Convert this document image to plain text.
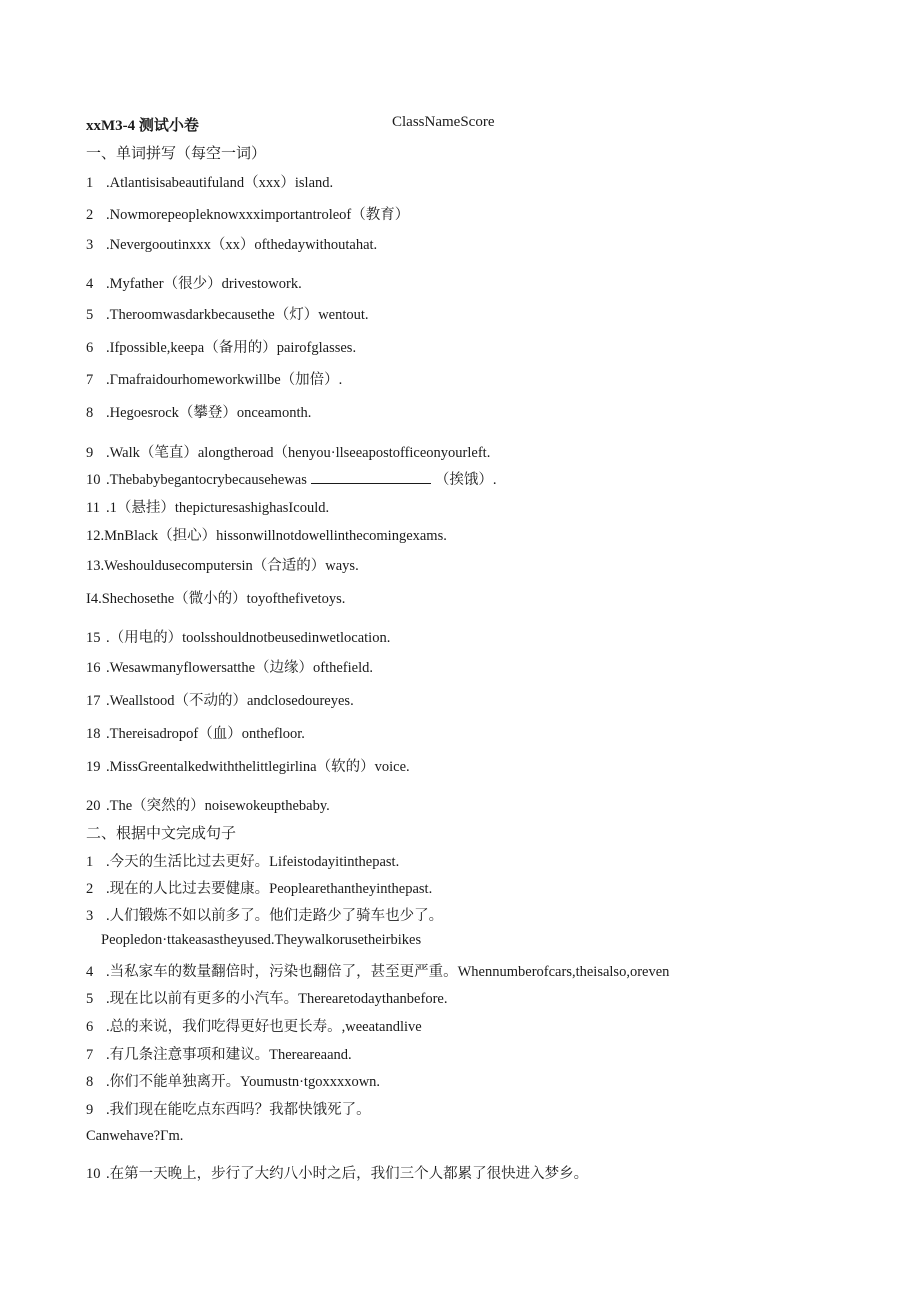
xxM3-4 测试小卷	ClassNameScore
一、单词拼写（每空一词）
1 .Atlantisisabeautifuland（xxx）island.
2 .Nowmorepeopleknowxxximportantroleof（教育）
3 .Nevergooutinxxx（xx）ofthedaywithoutahat.
4 .Myfather（很少）drivestowork.
5 .Theroomwasdarkbecausethe（灯）wentout.
6 .Ifpossible,keepa（备用的）pairofglasses.
7 .Γmafraidourhomeworkwillbe（加倍）.
8 .Hegoesrock（攀登）onceamonth.
9 .Walk（笔直）alongtheroad（henyou·llseeapostofficeonyourleft.
10 .Thebabybegantocrybecausehewas	（挨饿）.
11 .1（悬挂）thepicturesashighasIcould.
12.MnBlack（担心）hissonwillnotdowellinthecomingexams.
13.Weshouldusecomputersin（合适的）ways.
I4.Shechosethe（微小的）toyofthefivetoys.
15 .（用电的）toolsshouldnotbeusedinwetlocation.
16 .Wesawmanyflowersatthe（边缘）ofthefield.
17 .Weallstood（不动的）andclosedoureyes.
18 .Thereisadropof（血）onthefloor.
19 .MissGreentalkedwiththelittlegirlina（软的）voice.
20 .The（突然的）noisewokeupthebaby.
二、根据中文完成句子
1 .今天的生活比过去更好。Lifeistodayitinthepast.
2 .现在的人比过去要健康。Peoplearethantheyinthepast.
3 .人们锻炼不如以前多了。他们走路少了骑车也少了。
Peopledon·ttakeasastheyused.Theywalkorusetheirbikes
4 .当私家车的数量翻倍时，污染也翻倍了，甚至更严重。Whennumberofcars,theisalso,oreven
5 .现在比以前有更多的小汽车。Therearetodaythanbefore.
6 .总的来说，我们吃得更好也更长寿。,weeatandlive
7 .有几条注意事项和建议。Thereareaand.
8 .你们不能单独离开。Youmustn·tgoxxxxown.
9 .我们现在能吃点东西吗？我都快饿死了。
Canwehave?Γm.
10 .在第一天晚上，步行了大约八小时之后，我们三个人都累了很快进入梦乡。
